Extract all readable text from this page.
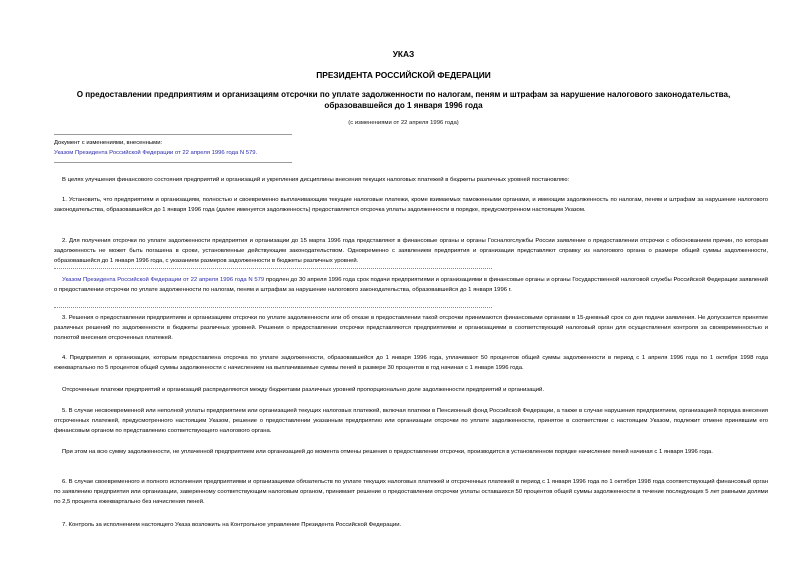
УКАЗ
ПРЕЗИДЕНТА РОССИЙСКОЙ ФЕДЕРАЦИИ
О предоставлении предприятиям и организациям отсрочки по уплате задолженности по налогам, пеням и штрафам за нарушение налогового законодательства,
образовавшейся до 1 января 1996 года
(с изменениями от 22 апреля 1996 года)
Документ с изменениями, внесенными:
Указом Президента Российской Федерации от 22 апреля 1996 года N 579.
В целях улучшения финансового состояния предприятий и организаций и укрепления дисциплины внесения текущих налоговых платежей в бюджеты различных уровней постановляю:
1. Установить, что предприятиям и организациям, полностью и своевременно выплачивающим текущие налоговые платежи, кроме взимаемых таможенными органами, и имеющим задолженность по налогам, пеням и штрафам за нарушение налогового законодательства, образовавшейся до 1 января 1996 года (далее именуется задолженность) предоставляется отсрочка уплаты задолженности в порядке, предусмотренном настоящим Указом.
2. Для получения отсрочки по уплате задолженности предприятия и организации до 15 марта 1996 года представляют в финансовые органы и органы Госналогслужбы России заявление о предоставлении отсрочки с обоснованием причин, по которым задолженность не может быть погашена в сроки, установленные действующим законодательством. Одновременно с заявлением предприятия и организации представляют справку из налогового органа о размере общей суммы задолженности, образовавшейся до 1 января 1996 года, с указанием размеров задолженности в бюджеты различных уровней.
Указом Президента Российской Федерации от 22 апреля 1996 года N 579 продлен до 30 апреля 1996 года срок подачи предприятиями и организациями в финансовые органы и органы Государственной налоговой службы Российской Федерации заявлений о предоставлении отсрочки по уплате задолженности по налогам, пеням и штрафам за нарушение налогового законодательства, образовавшейся до 1 января 1996 г.
3. Решения о предоставлении предприятиям и организациям отсрочки по уплате задолженности или об отказе в предоставлении такой отсрочки принимаются финансовыми органами в 15-дневный срок со дня подачи заявления. Не допускается принятие различных решений по задолженности в бюджеты различных уровней. Решения о предоставлении отсрочки представляются предприятиями и организациями в соответствующий налоговый орган для осуществления контроля за своевременностью и полнотой внесения отсроченных платежей.
4. Предприятия и организации, которым предоставлена отсрочка по уплате задолженности, образовавшейся до 1 января 1996 года, уплачивают 50 процентов общей суммы задолженности в период с 1 апреля 1996 года по 1 октября 1998 года ежеквартально по 5 процентов общей суммы задолженности с начислением на выплачиваемые суммы пеней в размере 30 процентов в год начиная с 1 января 1996 года.
Отсроченные платежи предприятий и организаций распределяются между бюджетами различных уровней пропорционально доле задолженности предприятий и организаций.
5. В случае несвоевременной или неполной уплаты предприятием или организацией текущих налоговых платежей, включая платежи в Пенсионный фонд Российской Федерации, а также в случае нарушения предприятием, организацией порядка внесения отсроченных платежей, предусмотренного настоящим Указом, решение о предоставлении указанным предприятию или организации отсрочки по уплате задолженности, принятое в соответствии с настоящим Указом, подлежит отмене принявшим его финансовым органом по представлению соответствующего налогового органа.
При этом на всю сумму задолженности, не уплаченной предприятием или организацией до момента отмены решения о предоставлении отсрочки, производится в установленном порядке начисление пеней начиная с 1 января 1996 года.
6. В случае своевременного и полного исполнения предприятиями и организациями обязательств по уплате текущих налоговых платежей и отсроченных платежей в период с 1 января 1996 года по 1 октября 1998 года соответствующий финансовый орган по заявлению предприятия или организации, заверенному соответствующим налоговым органом, принимает решение о предоставлении отсрочки уплаты оставшихся 50 процентов общей суммы задолженности в течение последующих 5 лет равными долями по 2,5 процента ежеквартально без начисления пеней.
7. Контроль за исполнением настоящего Указа возложить на Контрольное управление Президента Российской Федерации.
